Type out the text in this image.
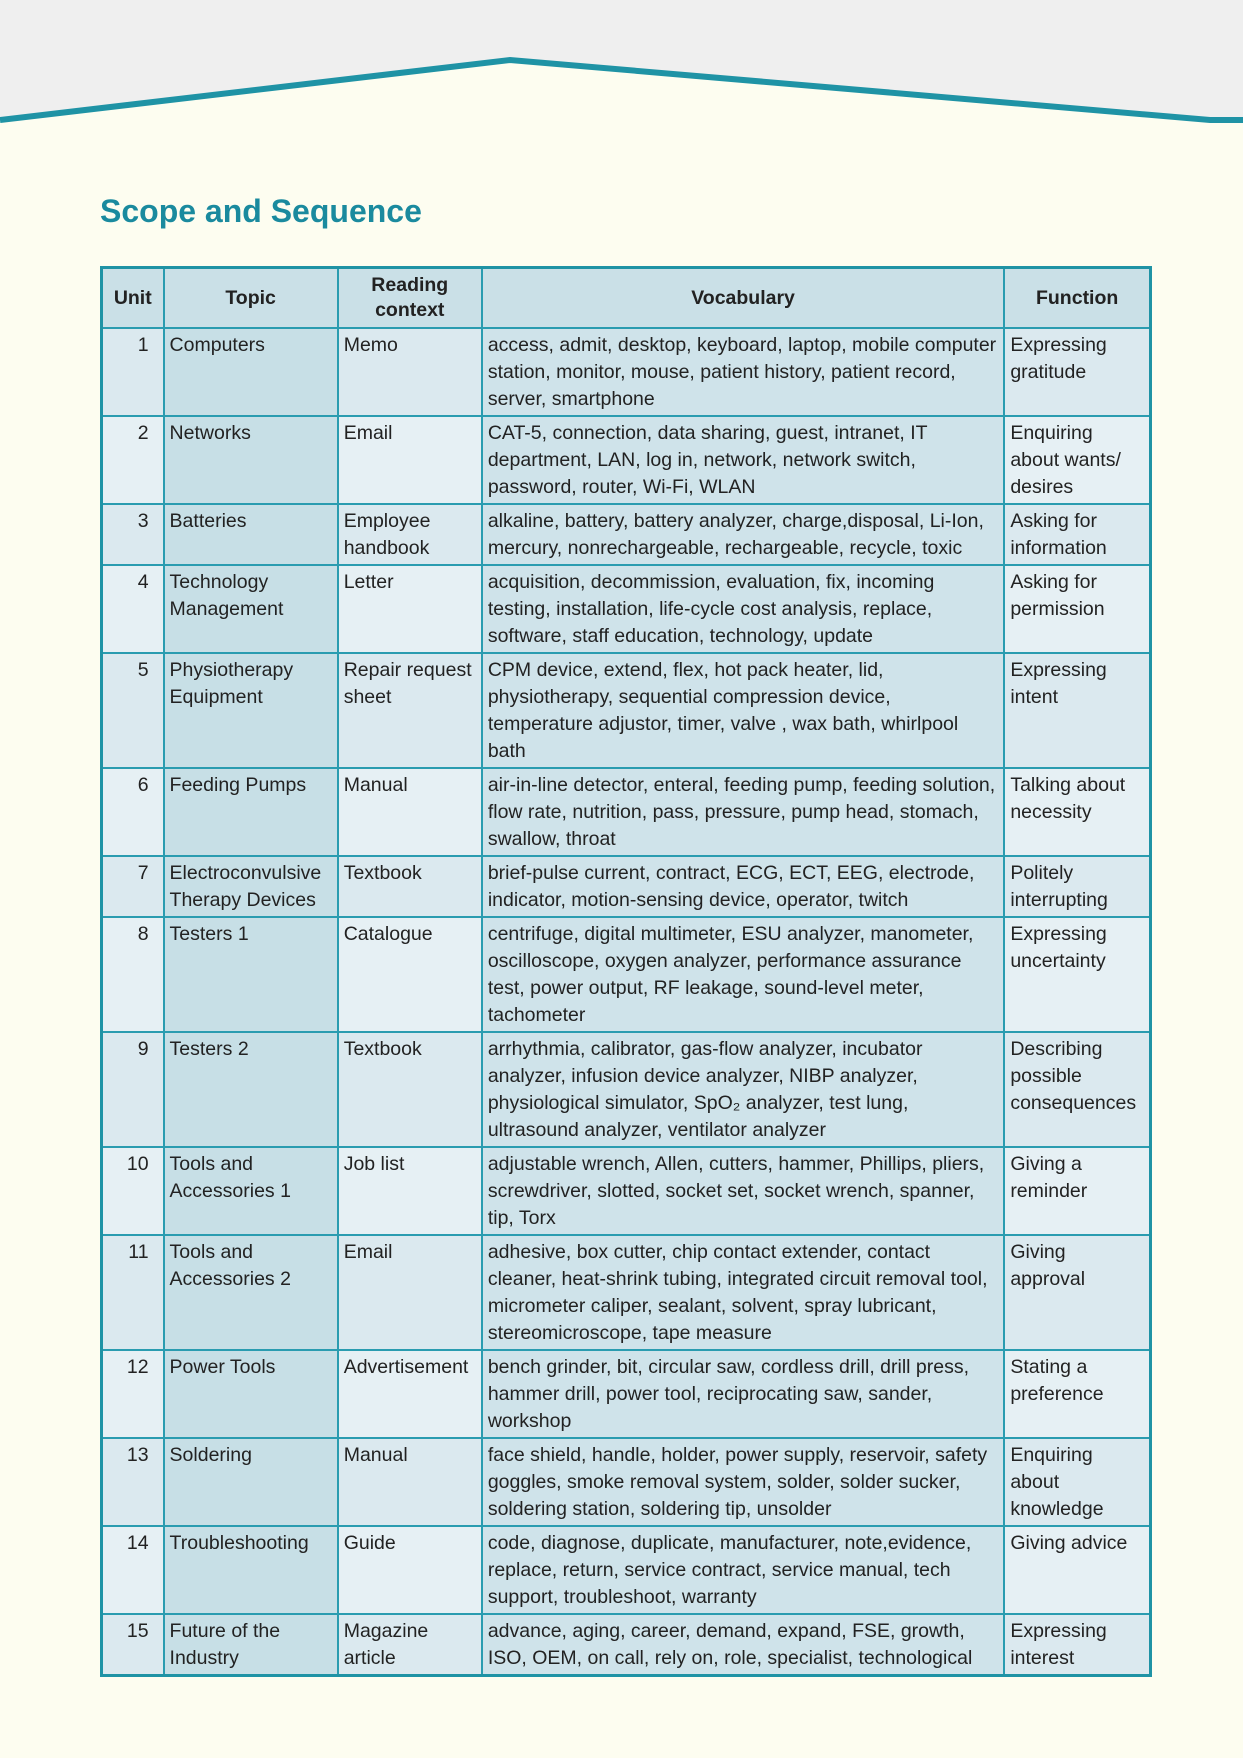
Scope and Sequence
Unit	Topic	Reading context	Vocabulary	Function
1	Computers	Memo	access, admit, desktop, keyboard, laptop, mobile computer station, monitor, mouse, patient history, patient record, server, smartphone	Expressing gratitude
2	Networks	Email	CAT-5, connection, data sharing, guest, intranet, IT department, LAN, log in, network, network switch, password, router, Wi-Fi, WLAN	Enquiring about wants/ desires
3	Batteries	Employee handbook	alkaline, battery, battery analyzer, charge,disposal, Li-Ion, mercury, nonrechargeable, rechargeable, recycle, toxic	Asking for information
4	Technology Management	Letter	acquisition, decommission, evaluation, fix, incoming testing, installation, life-cycle cost analysis, replace, software, staff education, technology, update	Asking for permission
5	Physiotherapy Equipment	Repair request sheet	CPM device, extend, flex, hot pack heater, lid, physiotherapy, sequential compression device, temperature adjustor, timer, valve , wax bath, whirlpool bath	Expressing intent
6	Feeding Pumps	Manual	air-in-line detector, enteral, feeding pump, feeding solution, flow rate, nutrition, pass, pressure, pump head, stomach, swallow, throat	Talking about necessity
7	Electroconvulsive Therapy Devices	Textbook	brief-pulse current, contract, ECG, ECT, EEG, electrode, indicator, motion-sensing device, operator, twitch	Politely interrupting
8	Testers 1	Catalogue	centrifuge, digital multimeter, ESU analyzer, manometer, oscilloscope, oxygen analyzer, performance assurance test, power output, RF leakage, sound-level meter, tachometer	Expressing uncertainty
9	Testers 2	Textbook	arrhythmia, calibrator, gas-flow analyzer, incubator analyzer, infusion device analyzer, NIBP analyzer, physiological simulator, SpO₂ analyzer, test lung, ultrasound analyzer, ventilator analyzer	Describing possible consequences
10	Tools and Accessories 1	Job list	adjustable wrench, Allen, cutters, hammer, Phillips, pliers, screwdriver, slotted, socket set, socket wrench, spanner, tip, Torx	Giving a reminder
11	Tools and Accessories 2	Email	adhesive, box cutter, chip contact extender, contact cleaner, heat-shrink tubing, integrated circuit removal tool, micrometer caliper, sealant, solvent, spray lubricant, stereomicroscope, tape measure	Giving approval
12	Power Tools	Advertisement	bench grinder, bit, circular saw, cordless drill, drill press, hammer drill, power tool, reciprocating saw, sander, workshop	Stating a preference
13	Soldering	Manual	face shield, handle, holder, power supply, reservoir, safety goggles, smoke removal system, solder, solder sucker, soldering station, soldering tip, unsolder	Enquiring about knowledge
14	Troubleshooting	Guide	code, diagnose, duplicate, manufacturer, note,evidence, replace, return, service contract, service manual, tech support, troubleshoot, warranty	Giving advice
15	Future of the Industry	Magazine article	advance, aging, career, demand, expand, FSE, growth, ISO, OEM, on call, rely on, role, specialist, technological	Expressing interest
